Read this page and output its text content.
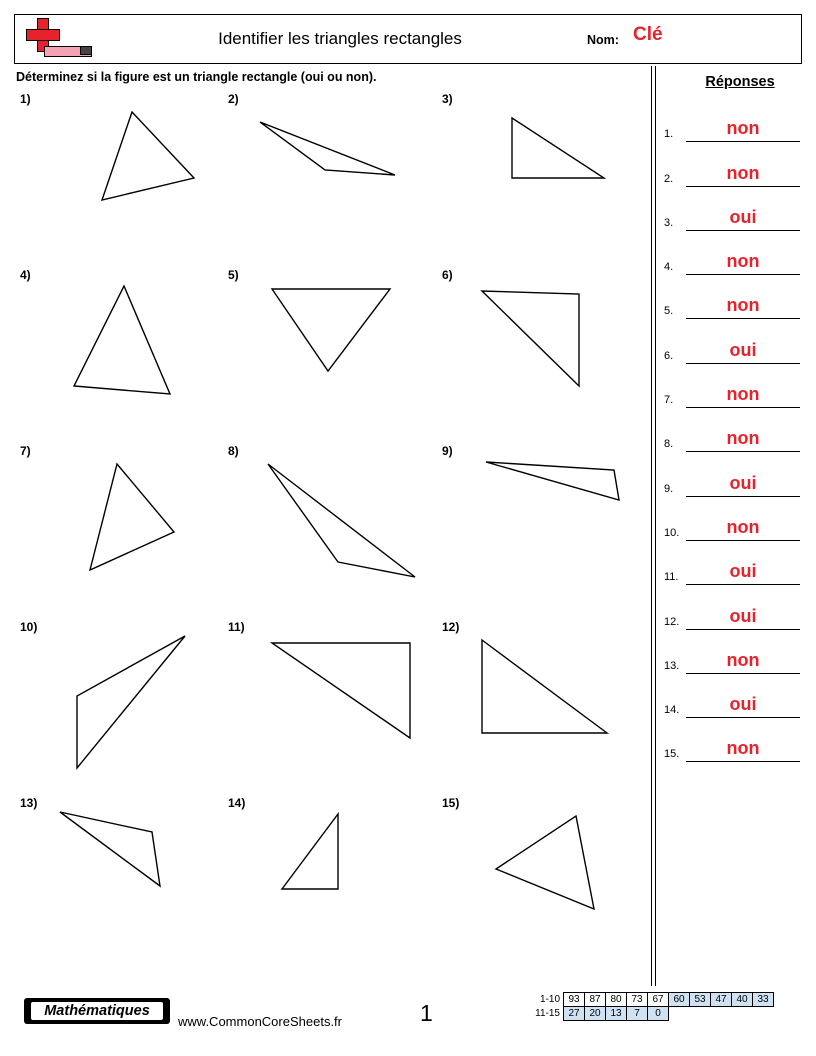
Identifier les triangles rectangles	Nom: Clé
Déterminez si la figure est un triangle rectangle (oui ou non).
1)	2)	3)
4)	5)	6)
7)	8)	9)
10)	11)	12)
13)	14)	15)
Réponses
1.	non
2.	non
3.	oui
4.	non
5.	non
6.	oui
7.	non
8.	non
9.	oui
10.	non
11.	oui
12.	oui
13.	non
14.	oui
15.	non
Mathématiques
www.CommonCoreSheets.fr	1
1-10	93	87	80	73	67	60	53	47	40	33
11-15	27	20	13	7	0					
